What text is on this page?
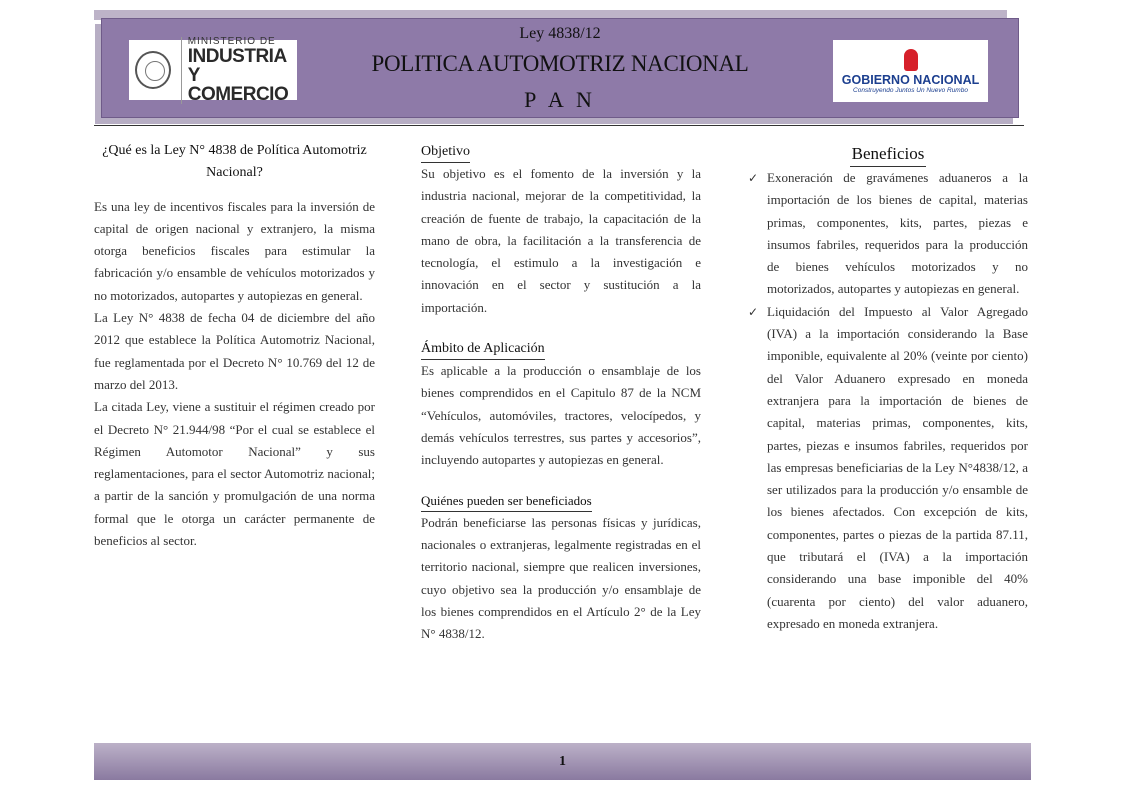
MINISTERIO DE
INDUSTRIA
Y COMERCIO
GOBIERNO NACIONAL
Construyendo Juntos Un Nuevo Rumbo
Ley 4838/12
POLITICA AUTOMOTRIZ NACIONAL
P A N
¿Qué es la Ley N° 4838 de Política Automotriz Nacional?

Es una ley de incentivos fiscales para la inversión de capital de origen nacional y extranjero, la misma otorga beneficios fiscales para estimular la fabricación y/o ensamble de vehículos motorizados y no motorizados, autopartes y autopiezas en general.

La Ley N° 4838 de fecha 04 de diciembre del año 2012 que establece la Política Automotriz Nacional, fue reglamentada por el Decreto N° 10.769 del 12 de marzo del 2013.

La citada Ley, viene a sustituir el régimen creado por el Decreto N° 21.944/98 “Por el cual se establece el Régimen Automotor Nacional” y sus reglamentaciones, para el sector Automotriz nacional; a partir de la sanción y promulgación de una norma formal que le otorga un carácter permanente de beneficios al sector.

Objetivo

Su objetivo es el fomento de la inversión y la industria nacional, mejorar de la competitividad, la creación de fuente de trabajo, la capacitación de la mano de obra, la facilitación a la transferencia de tecnología, el estimulo a la investigación e innovación en el sector y sustitución a la importación.

Ámbito de Aplicación

Es aplicable a la producción o ensamblaje de los bienes comprendidos en el Capitulo 87 de la NCM “Vehículos, automóviles, tractores, velocípedos, y demás vehículos terrestres, sus partes y accesorios”, incluyendo autopartes y autopiezas en general.

Quiénes pueden ser beneficiados

Podrán beneficiarse las personas físicas y jurídicas, nacionales o extranjeras, legalmente registradas en el territorio nacional, siempre que realicen inversiones, cuyo objetivo sea la producción y/o ensamblaje de los bienes comprendidos en el Artículo 2° de la Ley N° 4838/12.

Beneficios
✓ Exoneración de gravámenes aduaneros a la importación de los bienes de capital, materias primas, componentes, kits, partes, piezas e insumos fabriles, requeridos para la producción de bienes vehículos motorizados y no motorizados, autopartes y autopiezas en general.
✓ Liquidación del Impuesto al Valor Agregado (IVA) a la importación considerando la Base imponible, equivalente al 20% (veinte por ciento) del Valor Aduanero expresado en moneda extranjera para la importación de bienes de capital, materias primas, componentes, kits, partes, piezas e insumos fabriles, requeridos por las empresas beneficiarias de la Ley N°4838/12, a ser utilizados para la producción y/o ensamble de los bienes afectados. Con excepción de kits, componentes, partes o piezas de la partida 87.11, que tributará el (IVA) a la importación considerando una base imponible del 40% (cuarenta por ciento) del valor aduanero, expresado en moneda extranjera.
1
